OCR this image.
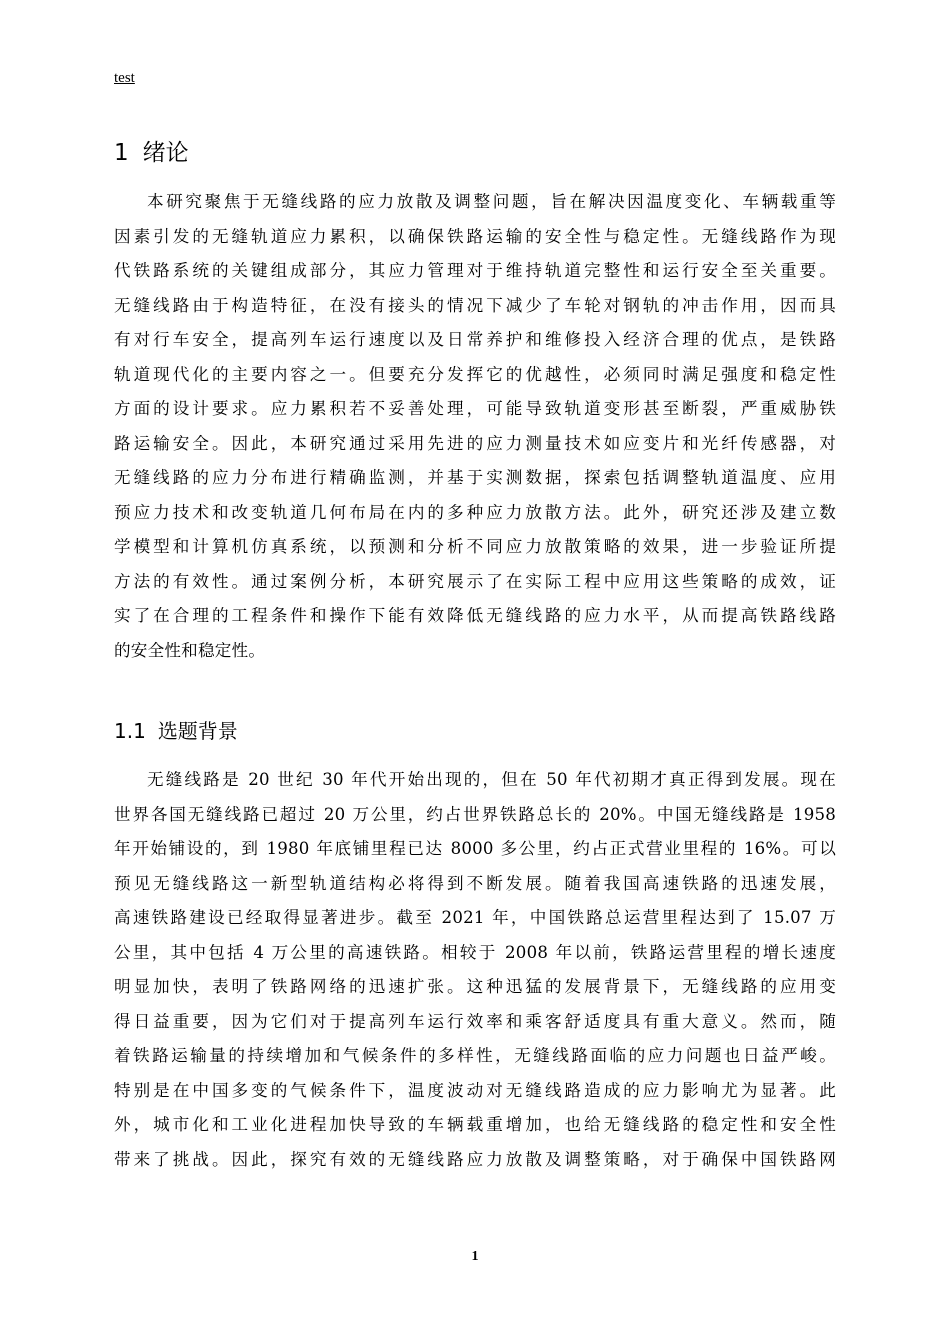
test
1 绪论
本研究聚焦于无缝线路的应力放散及调整问题，旨在解决因温度变化、车辆载重等
因素引发的无缝轨道应力累积，以确保铁路运输的安全性与稳定性。无缝线路作为现
代铁路系统的关键组成部分，其应力管理对于维持轨道完整性和运行安全至关重要。
无缝线路由于构造特征，在没有接头的情况下减少了车轮对钢轨的冲击作用，因而具
有对行车安全，提高列车运行速度以及日常养护和维修投入经济合理的优点，是铁路
轨道现代化的主要内容之一。但要充分发挥它的优越性，必须同时满足强度和稳定性
方面的设计要求。应力累积若不妥善处理，可能导致轨道变形甚至断裂，严重威胁铁
路运输安全。因此，本研究通过采用先进的应力测量技术如应变片和光纤传感器，对
无缝线路的应力分布进行精确监测，并基于实测数据，探索包括调整轨道温度、应用
预应力技术和改变轨道几何布局在内的多种应力放散方法。此外，研究还涉及建立数
学模型和计算机仿真系统，以预测和分析不同应力放散策略的效果，进一步验证所提
方法的有效性。通过案例分析，本研究展示了在实际工程中应用这些策略的成效，证
实了在合理的工程条件和操作下能有效降低无缝线路的应力水平，从而提高铁路线路
的安全性和稳定性。
1.1 选题背景
无缝线路是 20 世纪 30 年代开始出现的，但在 50 年代初期才真正得到发展。现在
世界各国无缝线路已超过 20 万公里，约占世界铁路总长的 20%。中国无缝线路是 1958
年开始铺设的，到 1980 年底铺里程已达 8000 多公里，约占正式营业里程的 16%。可以
预见无缝线路这一新型轨道结构必将得到不断发展。随着我国高速铁路的迅速发展，
高速铁路建设已经取得显著进步。截至 2021 年，中国铁路总运营里程达到了 15.07 万
公里，其中包括 4 万公里的高速铁路。相较于 2008 年以前，铁路运营里程的增长速度
明显加快，表明了铁路网络的迅速扩张。这种迅猛的发展背景下，无缝线路的应用变
得日益重要，因为它们对于提高列车运行效率和乘客舒适度具有重大意义。然而，随
着铁路运输量的持续增加和气候条件的多样性，无缝线路面临的应力问题也日益严峻。
特别是在中国多变的气候条件下，温度波动对无缝线路造成的应力影响尤为显著。此
外，城市化和工业化进程加快导致的车辆载重增加，也给无缝线路的稳定性和安全性
带来了挑战。因此，探究有效的无缝线路应力放散及调整策略，对于确保中国铁路网
1
